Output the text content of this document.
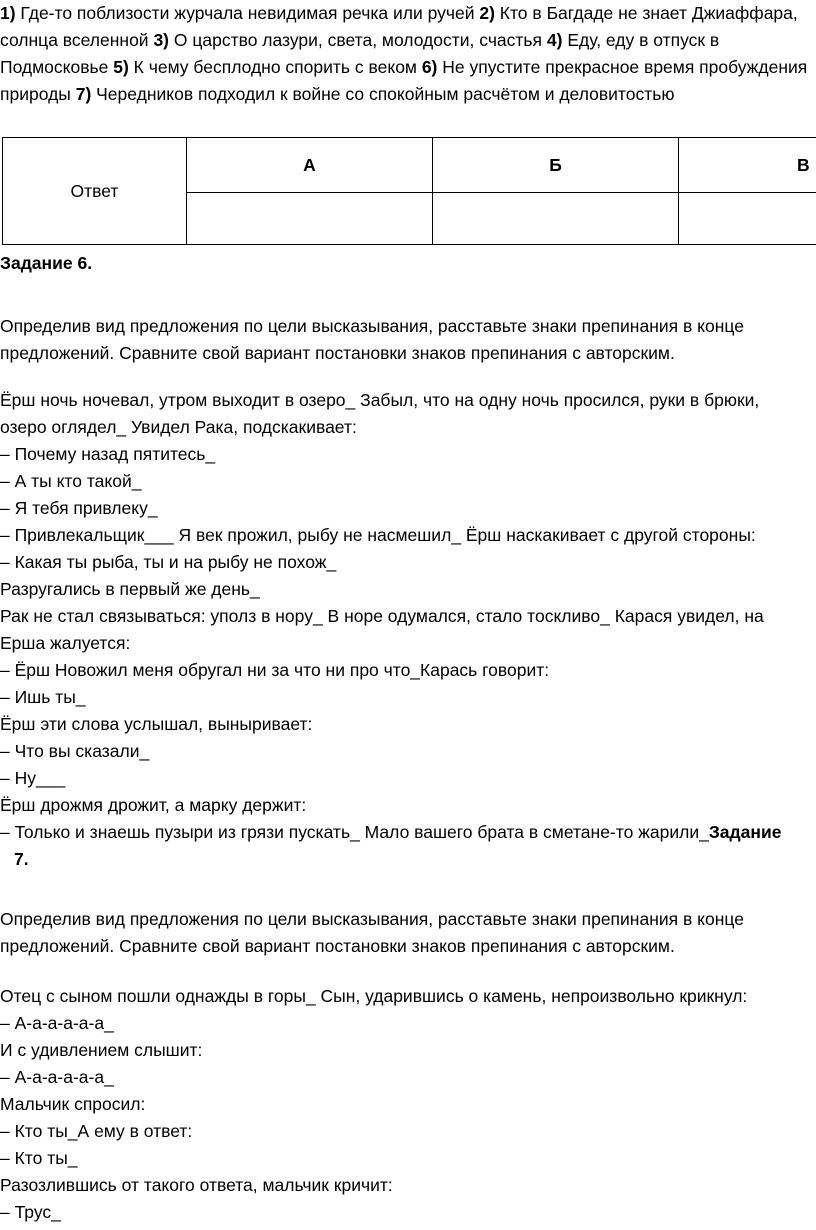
1) Где-то поблизости журчала невидимая речка или ручей 2) Кто в Багдаде не знает Джиаффара, солнца вселенной 3) О царство лазури, света, молодости, счастья 4) Еду, еду в отпуск в Подмосковье 5) К чему бесплодно спорить с веком 6) Не упустите прекрасное время пробуждения природы 7) Чередников подходил к войне со спокойным расчётом и деловитостью
Ответ	А	Б	В

Задание 6.
Определив вид предложения по цели высказывания, расставьте знаки препинания в конце
предложений. Сравните свой вариант постановки знаков препинания с авторским.
Ёрш ночь ночевал, утром выходит в озеро_ Забыл, что на одну ночь просился, руки в брюки,
озеро оглядел_ Увидел Рака, подскакивает:
– Почему назад пятитесь_
– А ты кто такой_
– Я тебя привлеку_
– Привлекальщик___ Я век прожил, рыбу не насмешил_ Ёрш наскакивает с другой стороны:
– Какая ты рыба, ты и на рыбу не похож_
Разругались в первый же день_
Рак не стал связываться: уполз в нору_ В норе одумался, стало тоскливо_ Карася увидел, на
Ерша жалуется:
– Ёрш Новожил меня обругал ни за что ни про что_Карась говорит:
– Ишь ты_
Ёрш эти слова услышал, выныривает:
– Что вы сказали_
– Ну___
Ёрш дрожмя дрожит, а марку держит:
– Только и знаешь пузыри из грязи пускать_ Мало вашего брата в сметане-то жарили_Задание
7.
Определив вид предложения по цели высказывания, расставьте знаки препинания в конце
предложений. Сравните свой вариант постановки знаков препинания с авторским.
Отец с сыном пошли однажды в горы_ Сын, ударившись о камень, непроизвольно крикнул:
– А-а-а-а-а-а_
И с удивлением слышит:
– А-а-а-а-а-а_
Мальчик спросил:
– Кто ты_А ему в ответ:
– Кто ты_
Разозлившись от такого ответа, мальчик кричит:
– Трус_
